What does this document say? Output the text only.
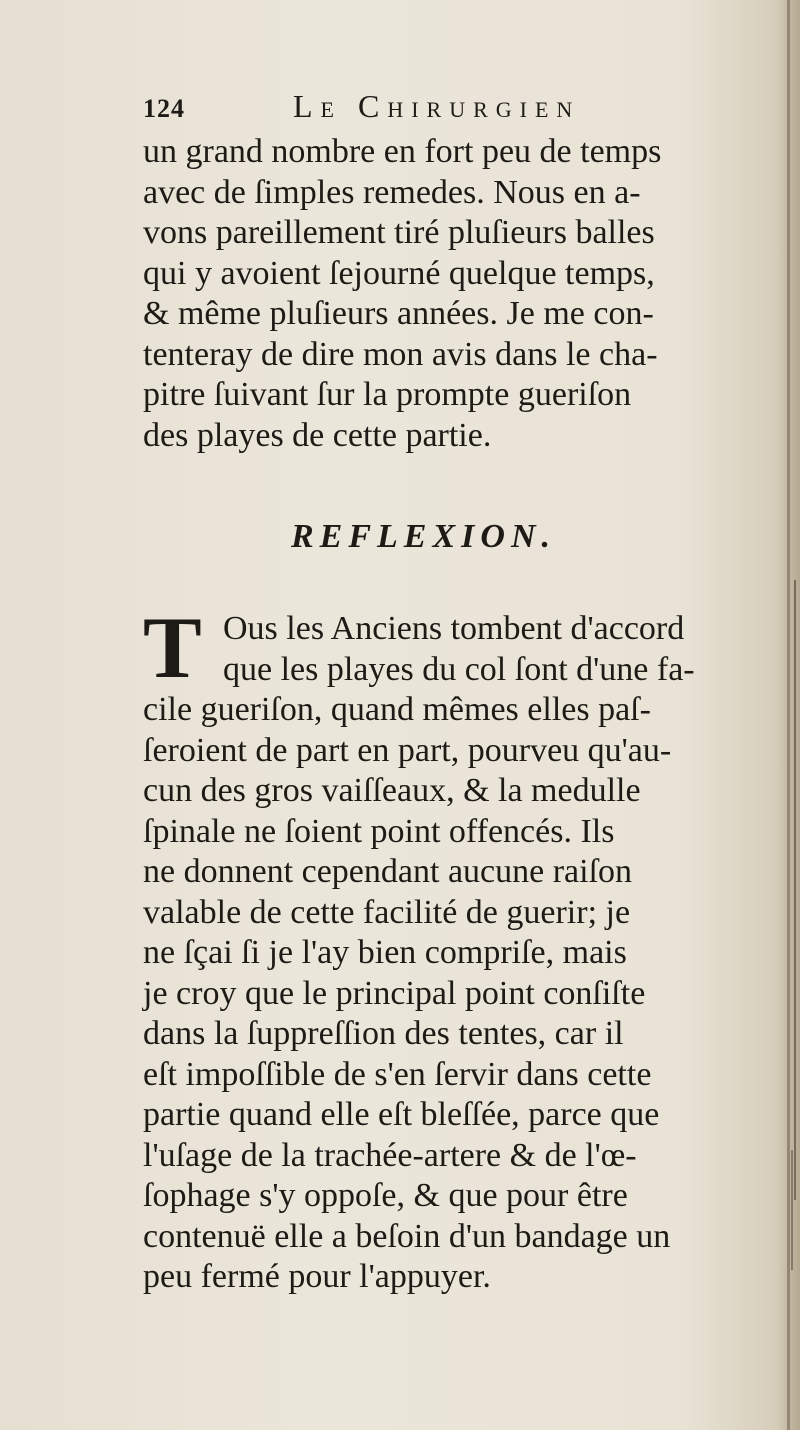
124	Le Chirurgien

un grand nombre en fort peu de temps

avec de ſimples remedes. Nous en a-

vons pareillement tiré pluſieurs balles

qui y avoient ſejourné quelque temps,

& même pluſieurs années. Je me con-

tenteray de dire mon avis dans le cha-

pitre ſuivant ſur la prompte gueriſon

des playes de cette partie.

REFLEXION.
T Ous les Anciens tombent d'accord

que les playes du col ſont d'une fa-

cile gueriſon, quand mêmes elles paſ-

ſeroient de part en part, pourveu qu'au-

cun des gros vaiſſeaux, & la medulle

ſpinale ne ſoient point offencés. Ils

ne donnent cependant aucune raiſon

valable de cette facilité de guerir; je

ne ſçai ſi je l'ay bien compriſe, mais

je croy que le principal point conſiſte

dans la ſuppreſſion des tentes, car il

eſt impoſſible de s'en ſervir dans cette

partie quand elle eſt bleſſée, parce que

l'uſage de la trachée-artere & de l'œ-

ſophage s'y oppoſe, & que pour être

contenuë elle a beſoin d'un bandage un

peu fermé pour l'appuyer.
